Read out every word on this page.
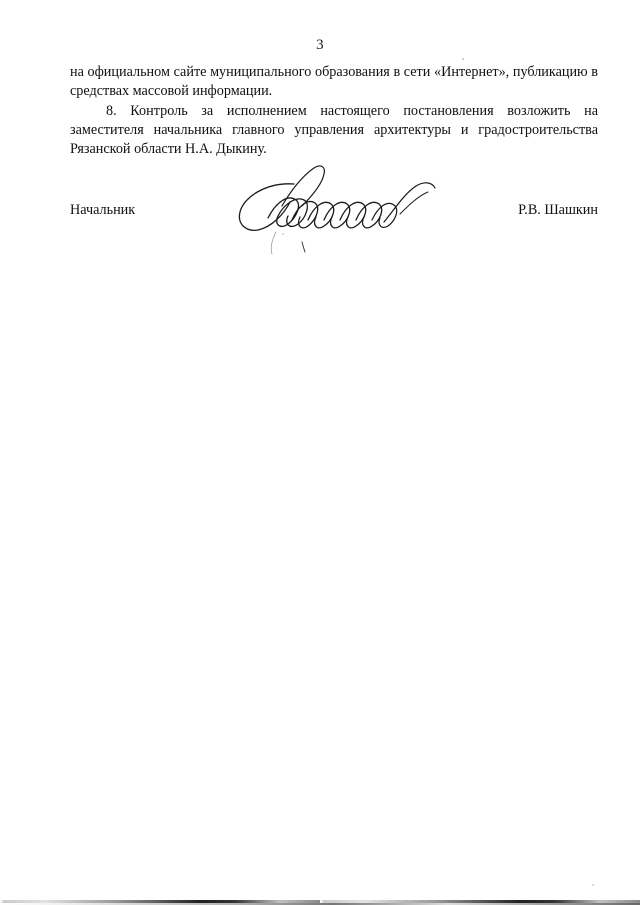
3

на официальном сайте муниципального образования в сети «Интернет», публикацию в средствах массовой информации.

8. Контроль за исполнением настоящего постановления возложить на заместителя начальника главного управления архитектуры и градостроительства Рязанской области Н.А. Дыкину.

Начальник	Р.В. Шашкин
